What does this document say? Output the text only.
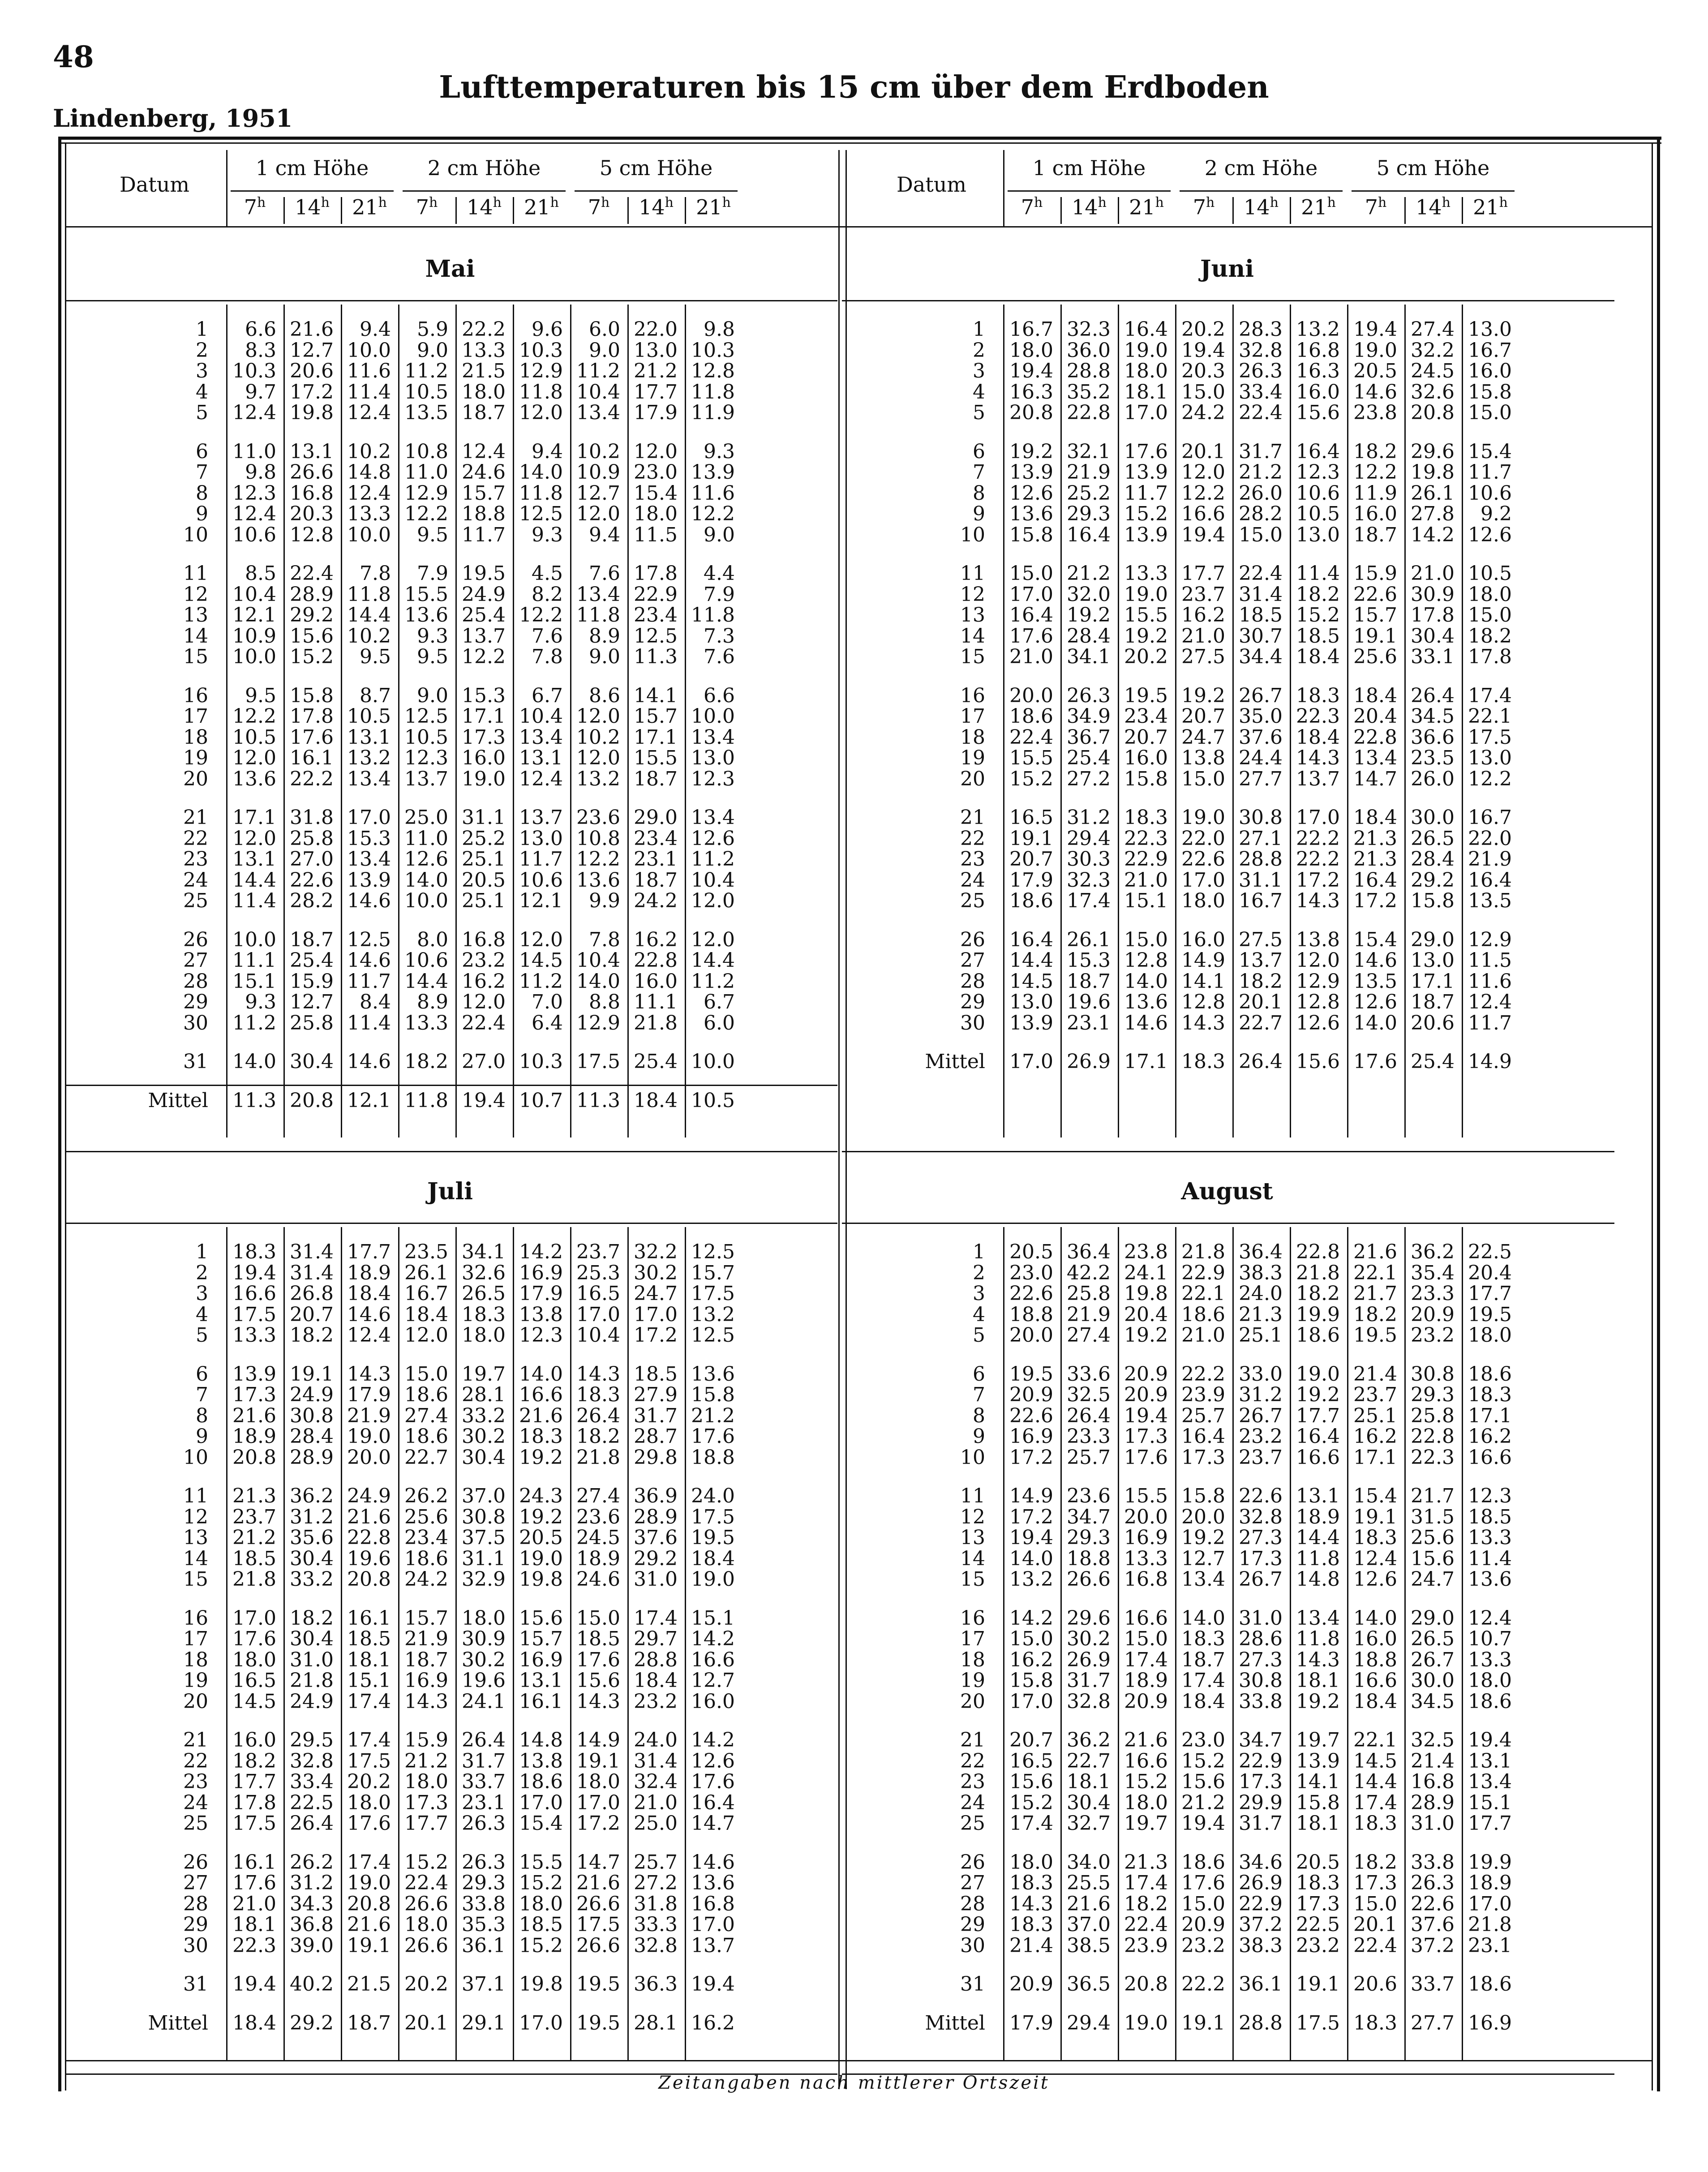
48
Lufttemperaturen bis 15 cm über dem Erdboden
Lindenberg, 1951
Datum
1 cm Höhe
7$^h$	14$^h$	21$^h$
2 cm Höhe
7$^h$	14$^h$	21$^h$
5 cm Höhe
7$^h$	14$^h$	21$^h$
Datum
1 cm Höhe
7$^h$	14$^h$	21$^h$
2 cm Höhe
7$^h$	14$^h$	21$^h$
5 cm Höhe
7$^h$	14$^h$	21$^h$
Mai
1	6.6 21.6	9.4	5.9 22.2	9.6	6.0 22.0	9.8
2	8.3 12.7 10.0	9.0 13.3 10.3	9.0 13.0 10.3
3 10.3 20.6 11.6 11.2 21.5 12.9 11.2 21.2 12.8
4	9.7 17.2 11.4 10.5 18.0 11.8 10.4 17.7 11.8
5 12.4 19.8 12.4 13.5 18.7 12.0 13.4 17.9 11.9
6 11.0 13.1 10.2 10.8 12.4	9.4 10.2 12.0	9.3
7	9.8 26.6 14.8 11.0 24.6 14.0 10.9 23.0 13.9
8 12.3 16.8 12.4 12.9 15.7 11.8 12.7 15.4 11.6
9 12.4 20.3 13.3 12.2 18.8 12.5 12.0 18.0 12.2
10 10.6 12.8 10.0	9.5 11.7	9.3	9.4 11.5	9.0
11	8.5 22.4	7.8	7.9 19.5	4.5	7.6 17.8	4.4
12 10.4 28.9 11.8 15.5 24.9	8.2 13.4 22.9	7.9
13 12.1 29.2 14.4 13.6 25.4 12.2 11.8 23.4 11.8
14 10.9 15.6 10.2	9.3 13.7	7.6	8.9 12.5	7.3
15 10.0 15.2	9.5	9.5 12.2	7.8	9.0 11.3	7.6
16	9.5 15.8	8.7	9.0 15.3	6.7	8.6 14.1	6.6
17 12.2 17.8 10.5 12.5 17.1 10.4 12.0 15.7 10.0
18 10.5 17.6 13.1 10.5 17.3 13.4 10.2 17.1 13.4
19 12.0 16.1 13.2 12.3 16.0 13.1 12.0 15.5 13.0
20 13.6 22.2 13.4 13.7 19.0 12.4 13.2 18.7 12.3
21 17.1 31.8 17.0 25.0 31.1 13.7 23.6 29.0 13.4
22 12.0 25.8 15.3 11.0 25.2 13.0 10.8 23.4 12.6
23 13.1 27.0 13.4 12.6 25.1 11.7 12.2 23.1 11.2
24 14.4 22.6 13.9 14.0 20.5 10.6 13.6 18.7 10.4
25 11.4 28.2 14.6 10.0 25.1 12.1	9.9 24.2 12.0
26 10.0 18.7 12.5	8.0 16.8 12.0	7.8 16.2 12.0
27 11.1 25.4 14.6 10.6 23.2 14.5 10.4 22.8 14.4
28 15.1 15.9 11.7 14.4 16.2 11.2 14.0 16.0 11.2
29	9.3 12.7	8.4	8.9 12.0	7.0	8.8 11.1	6.7
30 11.2 25.8 11.4 13.3 22.4	6.4 12.9 21.8	6.0
31 14.0 30.4 14.6 18.2 27.0 10.3 17.5 25.4 10.0
Mittel 11.3 20.8 12.1 11.8 19.4 10.7 11.3 18.4 10.5
Juni
1 16.7 32.3 16.4 20.2 28.3 13.2 19.4 27.4 13.0
2 18.0 36.0 19.0 19.4 32.8 16.8 19.0 32.2 16.7
3 19.4 28.8 18.0 20.3 26.3 16.3 20.5 24.5 16.0
4 16.3 35.2 18.1 15.0 33.4 16.0 14.6 32.6 15.8
5 20.8 22.8 17.0 24.2 22.4 15.6 23.8 20.8 15.0
6 19.2 32.1 17.6 20.1 31.7 16.4 18.2 29.6 15.4
7 13.9 21.9 13.9 12.0 21.2 12.3 12.2 19.8 11.7
8 12.6 25.2 11.7 12.2 26.0 10.6 11.9 26.1 10.6
9 13.6 29.3 15.2 16.6 28.2 10.5 16.0 27.8	9.2
10 15.8 16.4 13.9 19.4 15.0 13.0 18.7 14.2 12.6
11 15.0 21.2 13.3 17.7 22.4 11.4 15.9 21.0 10.5
12 17.0 32.0 19.0 23.7 31.4 18.2 22.6 30.9 18.0
13 16.4 19.2 15.5 16.2 18.5 15.2 15.7 17.8 15.0
14 17.6 28.4 19.2 21.0 30.7 18.5 19.1 30.4 18.2
15 21.0 34.1 20.2 27.5 34.4 18.4 25.6 33.1 17.8
16 20.0 26.3 19.5 19.2 26.7 18.3 18.4 26.4 17.4
17 18.6 34.9 23.4 20.7 35.0 22.3 20.4 34.5 22.1
18 22.4 36.7 20.7 24.7 37.6 18.4 22.8 36.6 17.5
19 15.5 25.4 16.0 13.8 24.4 14.3 13.4 23.5 13.0
20 15.2 27.2 15.8 15.0 27.7 13.7 14.7 26.0 12.2
21 16.5 31.2 18.3 19.0 30.8 17.0 18.4 30.0 16.7
22 19.1 29.4 22.3 22.0 27.1 22.2 21.3 26.5 22.0
23 20.7 30.3 22.9 22.6 28.8 22.2 21.3 28.4 21.9
24 17.9 32.3 21.0 17.0 31.1 17.2 16.4 29.2 16.4
25 18.6 17.4 15.1 18.0 16.7 14.3 17.2 15.8 13.5
26 16.4 26.1 15.0 16.0 27.5 13.8 15.4 29.0 12.9
27 14.4 15.3 12.8 14.9 13.7 12.0 14.6 13.0 11.5
28 14.5 18.7 14.0 14.1 18.2 12.9 13.5 17.1 11.6
29 13.0 19.6 13.6 12.8 20.1 12.8 12.6 18.7 12.4
30 13.9 23.1 14.6 14.3 22.7 12.6 14.0 20.6 11.7
Mittel 17.0 26.9 17.1 18.3 26.4 15.6 17.6 25.4 14.9
Juli
1 18.3 31.4 17.7 23.5 34.1 14.2 23.7 32.2 12.5
2 19.4 31.4 18.9 26.1 32.6 16.9 25.3 30.2 15.7
3 16.6 26.8 18.4 16.7 26.5 17.9 16.5 24.7 17.5
4 17.5 20.7 14.6 18.4 18.3 13.8 17.0 17.0 13.2
5 13.3 18.2 12.4 12.0 18.0 12.3 10.4 17.2 12.5
6 13.9 19.1 14.3 15.0 19.7 14.0 14.3 18.5 13.6
7 17.3 24.9 17.9 18.6 28.1 16.6 18.3 27.9 15.8
8 21.6 30.8 21.9 27.4 33.2 21.6 26.4 31.7 21.2
9 18.9 28.4 19.0 18.6 30.2 18.3 18.2 28.7 17.6
10 20.8 28.9 20.0 22.7 30.4 19.2 21.8 29.8 18.8
11 21.3 36.2 24.9 26.2 37.0 24.3 27.4 36.9 24.0
12 23.7 31.2 21.6 25.6 30.8 19.2 23.6 28.9 17.5
13 21.2 35.6 22.8 23.4 37.5 20.5 24.5 37.6 19.5
14 18.5 30.4 19.6 18.6 31.1 19.0 18.9 29.2 18.4
15 21.8 33.2 20.8 24.2 32.9 19.8 24.6 31.0 19.0
16 17.0 18.2 16.1 15.7 18.0 15.6 15.0 17.4 15.1
17 17.6 30.4 18.5 21.9 30.9 15.7 18.5 29.7 14.2
18 18.0 31.0 18.1 18.7 30.2 16.9 17.6 28.8 16.6
19 16.5 21.8 15.1 16.9 19.6 13.1 15.6 18.4 12.7
20 14.5 24.9 17.4 14.3 24.1 16.1 14.3 23.2 16.0
21 16.0 29.5 17.4 15.9 26.4 14.8 14.9 24.0 14.2
22 18.2 32.8 17.5 21.2 31.7 13.8 19.1 31.4 12.6
23 17.7 33.4 20.2 18.0 33.7 18.6 18.0 32.4 17.6
24 17.8 22.5 18.0 17.3 23.1 17.0 17.0 21.0 16.4
25 17.5 26.4 17.6 17.7 26.3 15.4 17.2 25.0 14.7
26 16.1 26.2 17.4 15.2 26.3 15.5 14.7 25.7 14.6
27 17.6 31.2 19.0 22.4 29.3 15.2 21.6 27.2 13.6
28 21.0 34.3 20.8 26.6 33.8 18.0 26.6 31.8 16.8
29 18.1 36.8 21.6 18.0 35.3 18.5 17.5 33.3 17.0
30 22.3 39.0 19.1 26.6 36.1 15.2 26.6 32.8 13.7
31 19.4 40.2 21.5 20.2 37.1 19.8 19.5 36.3 19.4
Mittel 18.4 29.2 18.7 20.1 29.1 17.0 19.5 28.1 16.2
August
1 20.5 36.4 23.8 21.8 36.4 22.8 21.6 36.2 22.5
2 23.0 42.2 24.1 22.9 38.3 21.8 22.1 35.4 20.4
3 22.6 25.8 19.8 22.1 24.0 18.2 21.7 23.3 17.7
4 18.8 21.9 20.4 18.6 21.3 19.9 18.2 20.9 19.5
5 20.0 27.4 19.2 21.0 25.1 18.6 19.5 23.2 18.0
6 19.5 33.6 20.9 22.2 33.0 19.0 21.4 30.8 18.6
7 20.9 32.5 20.9 23.9 31.2 19.2 23.7 29.3 18.3
8 22.6 26.4 19.4 25.7 26.7 17.7 25.1 25.8 17.1
9 16.9 23.3 17.3 16.4 23.2 16.4 16.2 22.8 16.2
10 17.2 25.7 17.6 17.3 23.7 16.6 17.1 22.3 16.6
11 14.9 23.6 15.5 15.8 22.6 13.1 15.4 21.7 12.3
12 17.2 34.7 20.0 20.0 32.8 18.9 19.1 31.5 18.5
13 19.4 29.3 16.9 19.2 27.3 14.4 18.3 25.6 13.3
14 14.0 18.8 13.3 12.7 17.3 11.8 12.4 15.6 11.4
15 13.2 26.6 16.8 13.4 26.7 14.8 12.6 24.7 13.6
16 14.2 29.6 16.6 14.0 31.0 13.4 14.0 29.0 12.4
17 15.0 30.2 15.0 18.3 28.6 11.8 16.0 26.5 10.7
18 16.2 26.9 17.4 18.7 27.3 14.3 18.8 26.7 13.3
19 15.8 31.7 18.9 17.4 30.8 18.1 16.6 30.0 18.0
20 17.0 32.8 20.9 18.4 33.8 19.2 18.4 34.5 18.6
21 20.7 36.2 21.6 23.0 34.7 19.7 22.1 32.5 19.4
22 16.5 22.7 16.6 15.2 22.9 13.9 14.5 21.4 13.1
23 15.6 18.1 15.2 15.6 17.3 14.1 14.4 16.8 13.4
24 15.2 30.4 18.0 21.2 29.9 15.8 17.4 28.9 15.1
25 17.4 32.7 19.7 19.4 31.7 18.1 18.3 31.0 17.7
26 18.0 34.0 21.3 18.6 34.6 20.5 18.2 33.8 19.9
27 18.3 25.5 17.4 17.6 26.9 18.3 17.3 26.3 18.9
28 14.3 21.6 18.2 15.0 22.9 17.3 15.0 22.6 17.0
29 18.3 37.0 22.4 20.9 37.2 22.5 20.1 37.6 21.8
30 21.4 38.5 23.9 23.2 38.3 23.2 22.4 37.2 23.1
31 20.9 36.5 20.8 22.2 36.1 19.1 20.6 33.7 18.6
Mittel 17.9 29.4 19.0 19.1 28.8 17.5 18.3 27.7 16.9
Zeitangaben nach mittlerer Ortszeit
